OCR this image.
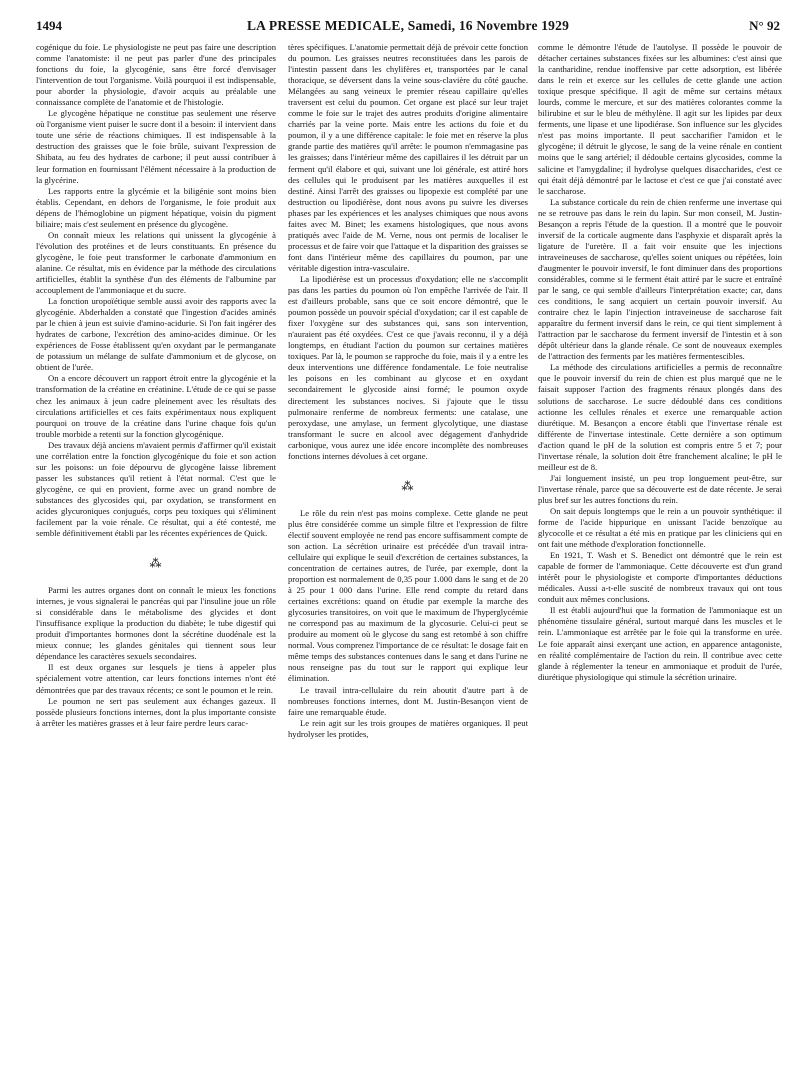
1494	LA PRESSE MEDICALE, Samedi, 16 Novembre 1929	N° 92

cogénique du foie. Le physiologiste ne peut pas faire une description comme l'anatomiste: il ne peut pas parler d'une des principales fonctions du foie, la glycogénie, sans être forcé d'envisager l'intervention de tout l'organisme. Voilà pourquoi il est indispensable, pour aborder la physiologie, d'avoir acquis au préalable une connaissance complète de l'anatomie et de l'histologie.

Le glycogène hépatique ne constitue pas seulement une réserve où l'organisme vient puiser le sucre dont il a besoin: il intervient dans toute une série de réactions chimiques. Il est indispensable à la destruction des graisses que le foie brûle, suivant l'expression de Shibata, au feu des hydrates de carbone; il peut aussi contribuer à leur formation en fournissant l'élément nécessaire à la production de la glycérine.

Les rapports entre la glycémie et la biligénie sont moins bien établis. Cependant, en dehors de l'organisme, le foie produit aux dépens de l'hémoglobine un pigment hépatique, voisin du pigment biliaire; mais c'est seulement en présence du glycogène.

On connaît mieux les relations qui unissent la glycogénie à l'évolution des protéines et de leurs constituants. En présence du glycogène, le foie peut transformer le carbonate d'ammonium en alanine. Ce résultat, mis en évidence par la méthode des circulations artificielles, établit la synthèse d'un des éléments de l'albumine par accouplement de l'ammoniaque et du sucre.

La fonction uropoïétique semble aussi avoir des rapports avec la glycogénie. Abderhalden a constaté que l'ingestion d'acides aminés par le chien à jeun est suivie d'amino-acidurie. Si l'on fait ingérer des hydrates de carbone, l'excrétion des amino-acides diminue. Or les expériences de Fosse établissent qu'en oxydant par le permanganate de potassium un mélange de sulfate d'ammonium et de glycose, on obtient de l'urée.

On a encore découvert un rapport étroit entre la glycogénie et la transformation de la créatine en créatinine. L'étude de ce qui se passe chez les animaux à jeun cadre pleinement avec les résultats des circulations artificielles et ces faits expérimentaux nous expliquent pourquoi on trouve de la créatine dans l'urine chaque fois qu'un trouble morbide a retenti sur la fonction glycogénique.

Des travaux déjà anciens m'avaient permis d'affirmer qu'il existait une corrélation entre la fonction glycogénique du foie et son action sur les poisons: un foie dépourvu de glycogène laisse librement passer les substances qu'il retient à l'état normal. C'est que le glycogène, ce qui en provient, forme avec un grand nombre de substances des glycosides qui, par oxydation, se transforment en acides glycuroniques conjugués, corps peu toxiques qui s'éliminent facilement par la voie rénale. Ce résultat, qui a été contesté, me semble définitivement établi par les récentes expériences de Quick.

⁂

Parmi les autres organes dont on connaît le mieux les fonctions internes, je vous signalerai le pancréas qui par l'insuline joue un rôle si considérable dans le métabolisme des glycides et dont l'insuffisance explique la production du diabète; le tube digestif qui produit d'importantes hormones dont la sécrétine duodénale est la mieux connue; les glandes génitales qui tiennent sous leur dépendance les caractères sexuels secondaires.

Il est deux organes sur lesquels je tiens à appeler plus spécialement votre attention, car leurs fonctions internes n'ont été démontrées que par des travaux récents; ce sont le poumon et le rein.

Le poumon ne sert pas seulement aux échanges gazeux. Il possède plusieurs fonctions internes, dont la plus importante consiste à arrêter les matières grasses et à leur faire perdre leurs carac-

tères spécifiques. L'anatomie permettait déjà de prévoir cette fonction du poumon. Les graisses neutres reconstituées dans les parois de l'intestin passent dans les chylifères et, transportées par le canal thoracique, se déversent dans la veine sous-clavière du côté gauche. Mélangées au sang veineux le premier réseau capillaire qu'elles traversent est celui du poumon. Cet organe est placé sur leur trajet comme le foie sur le trajet des autres produits d'origine alimentaire charriés par la veine porte. Mais entre les actions du foie et du poumon, il y a une différence capitale: le foie met en réserve la plus grande partie des matières qu'il arrête: le poumon n'emmagasine pas les graisses; dans l'intérieur même des capillaires il les détruit par un ferment qu'il élabore et qui, suivant une loi générale, est attiré hors des cellules qui le produisent par les matières auxquelles il est destiné. Ainsi l'arrêt des graisses ou lipopexie est complété par une destruction ou lipodiérèse, dont nous avons pu suivre les diverses phases par les expériences et les analyses chimiques que nous avons faites avec M. Binet; les examens histologiques, que nous avons pratiqués avec l'aide de M. Verne, nous ont permis de localiser le processus et de faire voir que l'attaque et la disparition des graisses se font dans l'intérieur même des capillaires du poumon, par une véritable digestion intra-vasculaire.

La lipodiérèse est un processus d'oxydation; elle ne s'accomplit pas dans les parties du poumon où l'on empêche l'arrivée de l'air. Il est d'ailleurs probable, sans que ce soit encore démontré, que le poumon possède un pouvoir spécial d'oxydation; car il est capable de fixer l'oxygène sur des substances qui, sans son intervention, n'auraient pas été oxydées. C'est ce que j'avais reconnu, il y a déjà longtemps, en étudiant l'action du poumon sur certaines matières toxiques. Par là, le poumon se rapproche du foie, mais il y a entre les deux interventions une différence fondamentale. Le foie neutralise les poisons en les combinant au glycose et en oxydant secondairement le glycoside ainsi formé; le poumon oxyde directement les substances nocives. Si j'ajoute que le tissu pulmonaire renferme de nombreux ferments: une catalase, une peroxydase, une amylase, un ferment glycolytique, une diastase transformant le sucre en alcool avec dégagement d'anhydride carbonique, vous aurez une idée encore incomplète des nombreuses fonctions internes dévolues à cet organe.

⁂

Le rôle du rein n'est pas moins complexe. Cette glande ne peut plus être considérée comme un simple filtre et l'expression de filtre électif souvent employée ne rend pas encore suffisamment compte de son action. La sécrétion urinaire est précédée d'un travail intra-cellulaire qui explique le seuil d'excrétion de certaines substances, la concentration de certaines autres, de l'urée, par exemple, dont la proportion est normalement de 0,35 pour 1.000 dans le sang et de 20 à 25 pour 1 000 dans l'urine. Elle rend compte du retard dans certaines excrétions: quand on étudie par exemple la marche des glycosuries transitoires, on voit que le maximum de l'hyperglycémie ne correspond pas au maximum de la glycosurie. Celui-ci peut se produire au moment où le glycose du sang est retombé à son chiffre normal. Vous comprenez l'importance de ce résultat: le dosage fait en même temps des substances contenues dans le sang et dans l'urine ne nous renseigne pas du tout sur le rapport qui explique leur élimination.

Le travail intra-cellulaire du rein aboutit d'autre part à de nombreuses fonctions internes, dont M. Justin-Besançon vient de faire une remarquable étude.

Le rein agit sur les trois groupes de matières organiques. Il peut hydrolyser les protides,

comme le démontre l'étude de l'autolyse. Il possède le pouvoir de détacher certaines substances fixées sur les albumines: c'est ainsi que la cantharidine, rendue inoffensive par cette adsorption, est libérée dans le rein et exerce sur les cellules de cette glande une action toxique presque spécifique. Il agit de même sur certains métaux lourds, comme le mercure, et sur des matières colorantes comme la bilirubine et sur le bleu de méthylène. Il agit sur les lipides par deux ferments, une lipase et une lipodiérase. Son influence sur les glycides n'est pas moins importante. Il peut saccharifier l'amidon et le glycogène; il détruit le glycose, le sang de la veine rénale en contient moins que le sang artériel; il dédouble certains glycosides, comme la salicine et l'amygdaline; il hydrolyse quelques disaccharides, c'est ce qui était déjà démontré par le lactose et c'est ce que j'ai constaté avec le saccharose.

La substance corticale du rein de chien renferme une invertase qui ne se retrouve pas dans le rein du lapin. Sur mon conseil, M. Justin-Besançon a repris l'étude de la question. Il a montré que le pouvoir inversif de la corticale augmente dans l'asphyxie et disparaît après la ligature de l'uretère. Il a fait voir ensuite que les injections intraveineuses de saccharose, qu'elles soient uniques ou répétées, loin d'augmenter le pouvoir inversif, le font diminuer dans des proportions considérables, comme si le ferment était attiré par le sucre et entraîné par le sang, ce qui semble d'ailleurs l'interprétation exacte; car, dans ces conditions, le sang acquiert un certain pouvoir inversif. Au contraire chez le lapin l'injection intraveineuse de saccharose fait apparaître du ferment inversif dans le rein, ce qui tient simplement à l'attraction par le saccharose du ferment inversif de l'intestin et à son dépôt ultérieur dans la glande rénale. Ce sont de nouveaux exemples de l'attraction des ferments par les matières fermentescibles.

La méthode des circulations artificielles a permis de reconnaître que le pouvoir inversif du rein de chien est plus marqué que ne le faisait supposer l'action des fragments rénaux plongés dans des solutions de saccharose. Le sucre dédoublé dans ces conditions actionne les cellules rénales et exerce une remarquable action diurétique. M. Besançon a encore établi que l'invertase rénale est différente de l'invertase intestinale. Cette dernière a son optimum d'action quand le pH de la solution est compris entre 5 et 7; pour l'invertase rénale, la solution doit être franchement alcaline; le pH le meilleur est de 8.

J'ai longuement insisté, un peu trop longuement peut-être, sur l'invertase rénale, parce que sa découverte est de date récente. Je serai plus bref sur les autres fonctions du rein.

On sait depuis longtemps que le rein a un pouvoir synthétique: il forme de l'acide hippurique en unissant l'acide benzoïque au glycocolle et ce résultat a été mis en pratique par les cliniciens qui en ont fait une méthode d'exploration fonctionnelle.

En 1921, T. Wash et S. Benedict ont démontré que le rein est capable de former de l'ammoniaque. Cette découverte est d'un grand intérêt pour le physiologiste et comporte d'importantes déductions médicales. Aussi a-t-elle suscité de nombreux travaux qui ont tous conduit aux mêmes conclusions.

Il est établi aujourd'hui que la formation de l'ammoniaque est un phénomène tissulaire général, surtout marqué dans les muscles et le rein. L'ammoniaque est arrêtée par le foie qui la transforme en urée. Le foie apparaît ainsi exerçant une action, en apparence antagoniste, en réalité complémentaire de l'action du rein. Il contribue avec cette glande à réglementer la teneur en ammoniaque et produit de l'urée, diurétique physiologique qui stimule la sécrétion urinaire.
